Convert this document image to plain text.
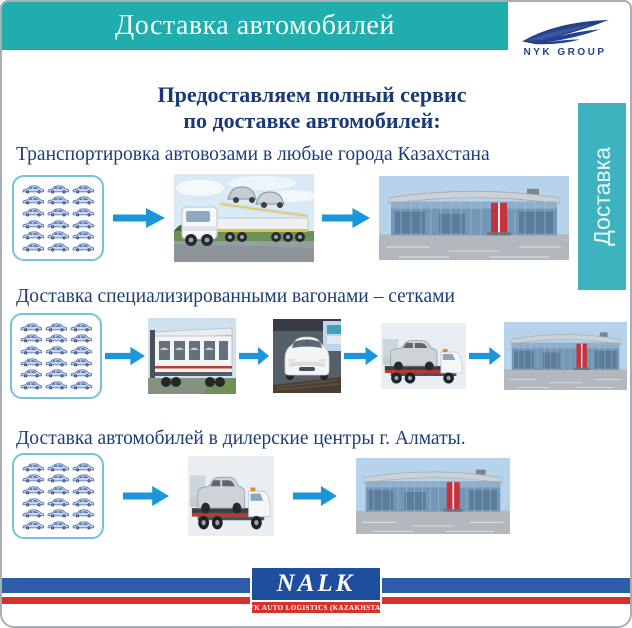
Доставка автомобилей
NYK GROUP
Предоставляем полный сервис
по доставке автомобилей:
Доставка
Транспортировка автовозами в любые города Казахстана
Доставка специализированными вагонами – сетками
Доставка автомобилей в дилерские центры г. Алматы.
NALK
NYK AUTO LOGISTICS (KAZAKHSTAN)
